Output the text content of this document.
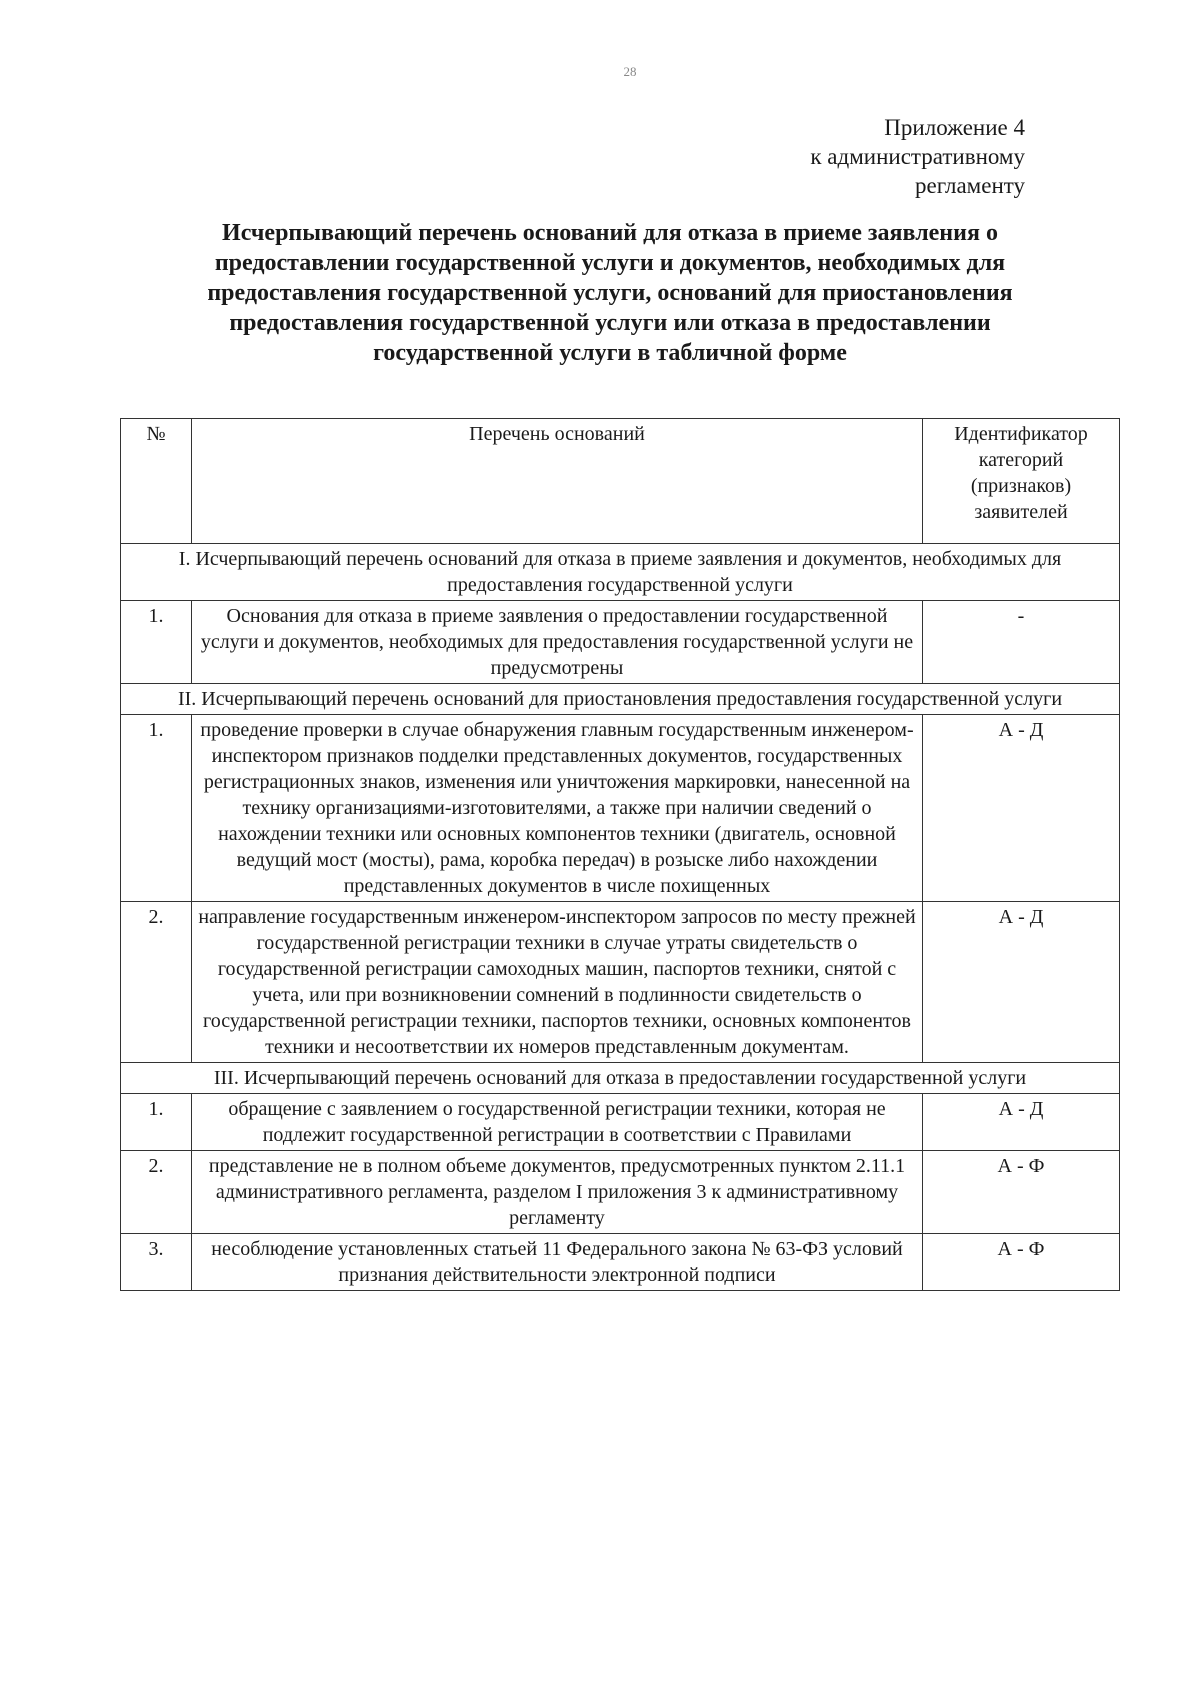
28
Приложение 4
к административному
регламенту
Исчерпывающий перечень оснований для отказа в приеме заявления о предоставлении государственной услуги и документов, необходимых для предоставления государственной услуги, оснований для приостановления предоставления государственной услуги или отказа в предоставлении государственной услуги в табличной форме
№	Перечень оснований	Идентификатор категорий (признаков) заявителей
I. Исчерпывающий перечень оснований для отказа в приеме заявления и документов, необходимых для предоставления государственной услуги		
1.	Основания для отказа в приеме заявления о предоставлении государственной услуги и документов, необходимых для предоставления государственной услуги не предусмотрены	-
II. Исчерпывающий перечень оснований для приостановления предоставления государственной услуги		
1.	проведение проверки в случае обнаружения главным государственным инженером-инспектором признаков подделки представленных документов, государственных регистрационных знаков, изменения или уничтожения маркировки, нанесенной на технику организациями-изготовителями, а также при наличии сведений о нахождении техники или основных компонентов техники (двигатель, основной ведущий мост (мосты), рама, коробка передач) в розыске либо нахождении представленных документов в числе похищенных	А - Д
2.	направление государственным инженером-инспектором запросов по месту прежней государственной регистрации техники в случае утраты свидетельств о государственной регистрации самоходных машин, паспортов техники, снятой с учета, или при возникновении сомнений в подлинности свидетельств о государственной регистрации техники, паспортов техники, основных компонентов техники и несоответствии их номеров представленным документам.	А - Д
III. Исчерпывающий перечень оснований для отказа в предоставлении государственной услуги		
1.	обращение с заявлением о государственной регистрации техники, которая не подлежит государственной регистрации в соответствии с Правилами	А - Д
2.	представление не в полном объеме документов, предусмотренных пунктом 2.11.1 административного регламента, разделом I приложения 3 к административному регламенту	А - Ф
3.	несоблюдение установленных статьей 11 Федерального закона № 63-ФЗ условий признания действительности электронной подписи	А - Ф
